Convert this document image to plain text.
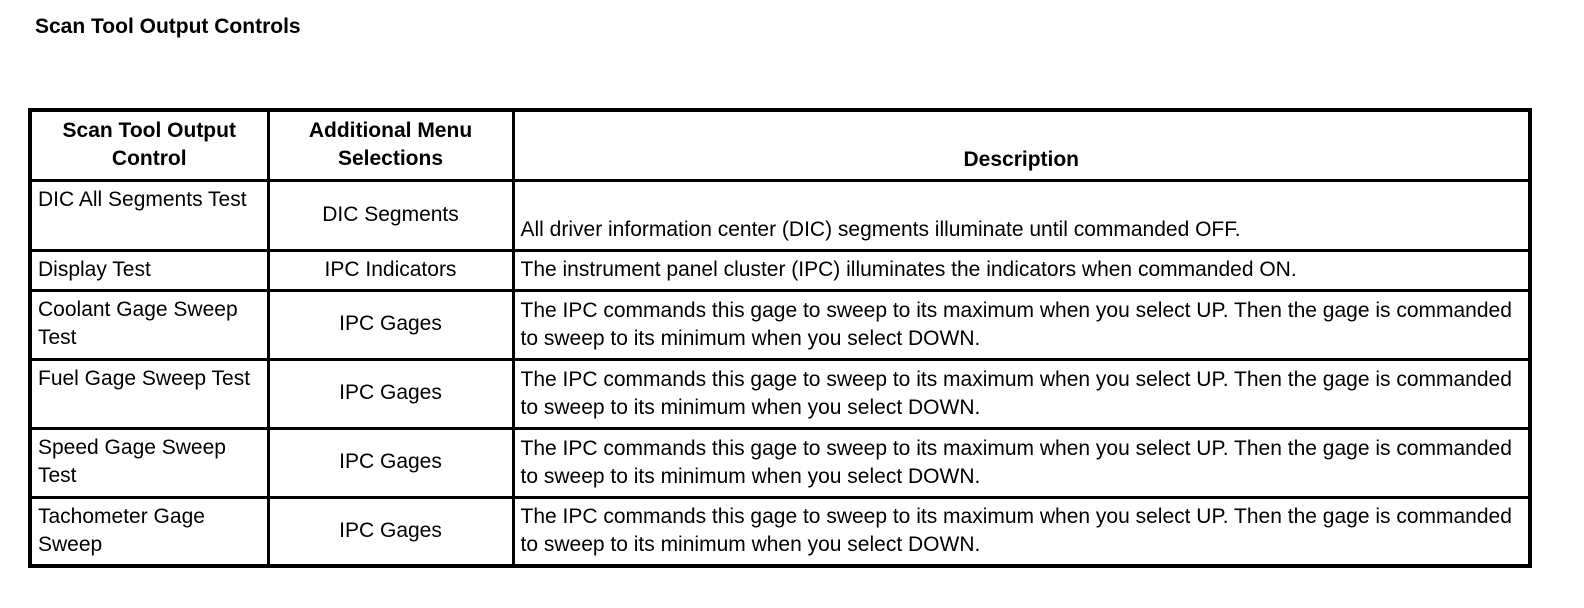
Scan Tool Output Controls
Scan Tool Output Control	Additional Menu Selections	Description
DIC All Segments Test	DIC Segments	All driver information center (DIC) segments illuminate until commanded OFF.
Display Test	IPC Indicators	The instrument panel cluster (IPC) illuminates the indicators when commanded ON.
Coolant Gage Sweep Test	IPC Gages	The IPC commands this gage to sweep to its maximum when you select UP. Then the gage is commanded to sweep to its minimum when you select DOWN.
Fuel Gage Sweep Test	IPC Gages	The IPC commands this gage to sweep to its maximum when you select UP. Then the gage is commanded to sweep to its minimum when you select DOWN.
Speed Gage Sweep Test	IPC Gages	The IPC commands this gage to sweep to its maximum when you select UP. Then the gage is commanded to sweep to its minimum when you select DOWN.
Tachometer Gage Sweep	IPC Gages	The IPC commands this gage to sweep to its maximum when you select UP. Then the gage is commanded to sweep to its minimum when you select DOWN.
